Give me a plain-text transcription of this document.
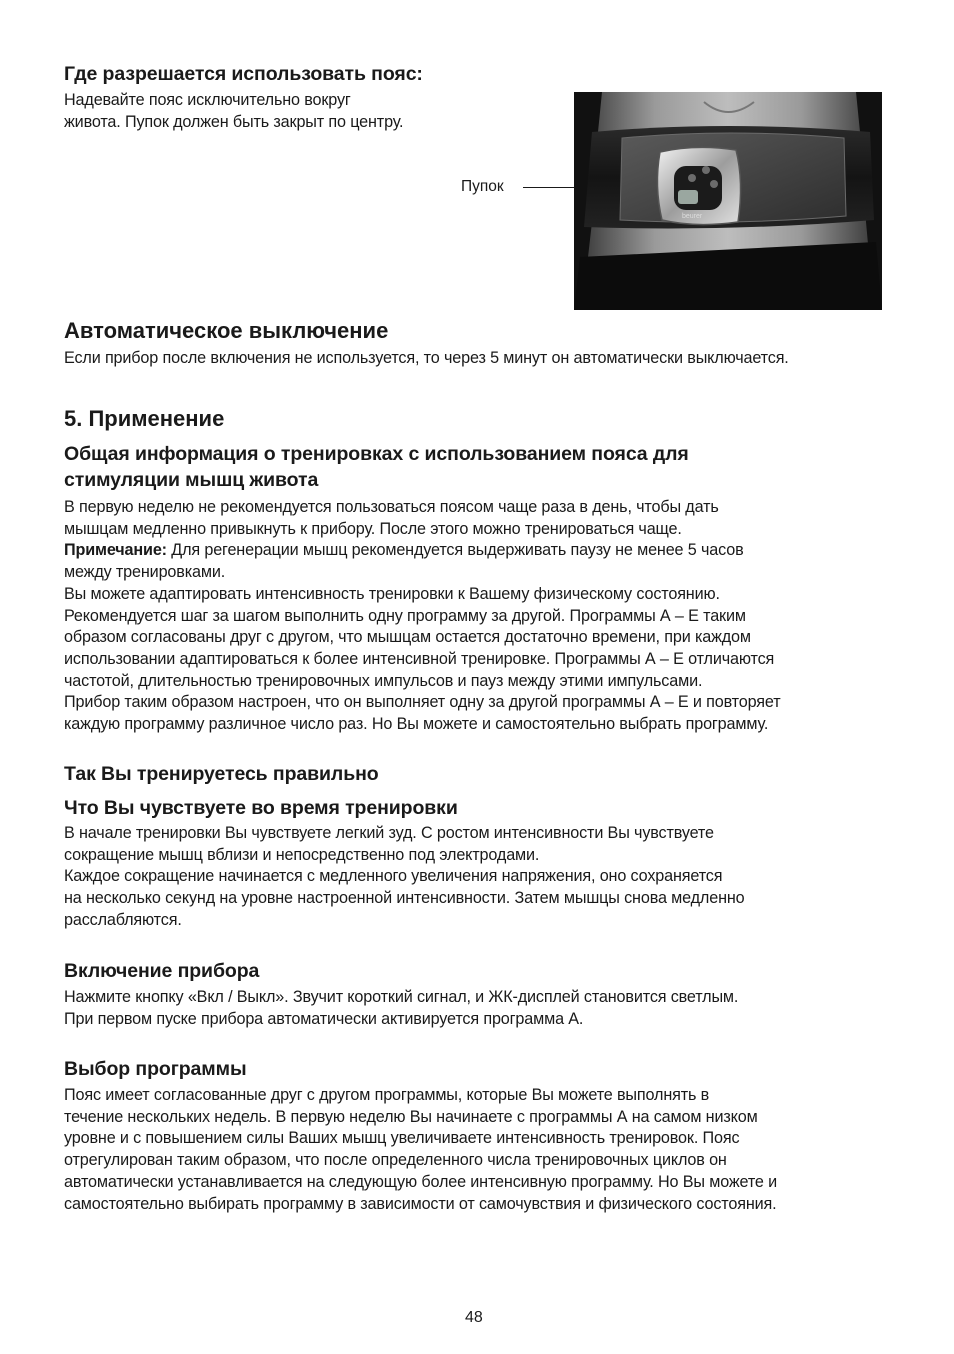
Где разрешается использовать пояс:

Надевайте пояс исключительно вокруг

живота. Пупок должен быть закрыт по центру.

Пупок
beurer
Автоматическое выключение

Если прибор после включения не используется, то через 5 минут он автоматически выключается.

5. Применение
Общая информация о тренировках с использованием пояса для
стимуляции мышц живота

В первую неделю не рекомендуется пользоваться поясом чаще раза в день, чтобы дать

мышцам медленно привыкнуть к прибору. После этого можно тренироваться чаще.

Примечание: Для регенерации мышц рекомендуется выдерживать паузу не менее 5 часов

между тренировками.

Вы можете адаптировать интенсивность тренировки к Вашему физическому состоянию.

Рекомендуется шаг за шагом выполнить одну программу за другой. Программы А – Е таким

образом согласованы друг с другом, что мышцам остается достаточно времени, при каждом

использовании адаптироваться к более интенсивной тренировке. Программы А – Е отличаются

частотой, длительностью тренировочных импульсов и пауз между этими импульсами.

Прибор таким образом настроен, что он выполняет одну за другой программы А – Е и повторяет

каждую программу различное число раз. Но Вы можете и самостоятельно выбрать программу.

Так Вы тренируетесь правильно
Что Вы чувствуете во время тренировки

В начале тренировки Вы чувствуете легкий зуд. С ростом интенсивности Вы чувствуете

сокращение мышц вблизи и непосредственно под электродами.

Каждое сокращение начинается с медленного увеличения напряжения, оно сохраняется

на несколько секунд на уровне настроенной интенсивности. Затем мышцы снова медленно

расслабляются.

Включение прибора

Нажмите кнопку «Вкл / Выкл». Звучит короткий сигнал, и ЖК-дисплей становится светлым.

При первом пуске прибора автоматически активируется программа А.

Выбор программы

Пояс имеет согласованные друг с другом программы, которые Вы можете выполнять в

течение нескольких недель. В первую неделю Вы начинаете с программы А на самом низком

уровне и с повышением силы Ваших мышц увеличиваете интенсивность тренировок. Пояс

отрегулирован таким образом, что после определенного числа тренировочных циклов он

автоматически устанавливается на следующую более интенсивную программу. Но Вы можете и

самостоятельно выбирать программу в зависимости от самочувствия и физического состояния.

48
